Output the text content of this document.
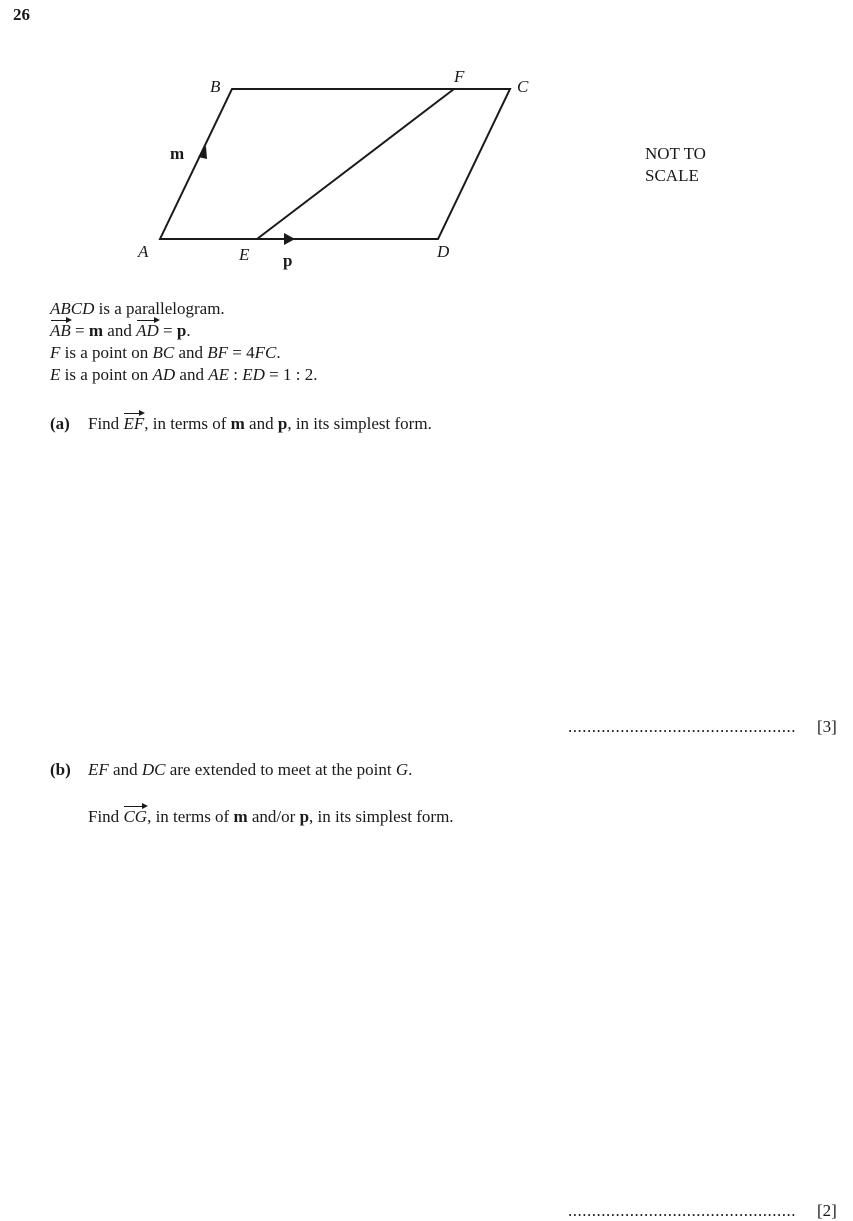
26
A
B	C
D
E
F
m
p
NOT TO
SCALE
ABCD is a parallelogram.
AB = m and AD = p.
F is a point on BC and BF = 4FC.
E is a point on AD and AE : ED = 1 : 2.
(a) Find EF, in terms of m and p, in its simplest form.
................................................ [3]
(b) EF and DC are extended to meet at the point G.
Find CG, in terms of m and/or p, in its simplest form.
................................................ [2]
